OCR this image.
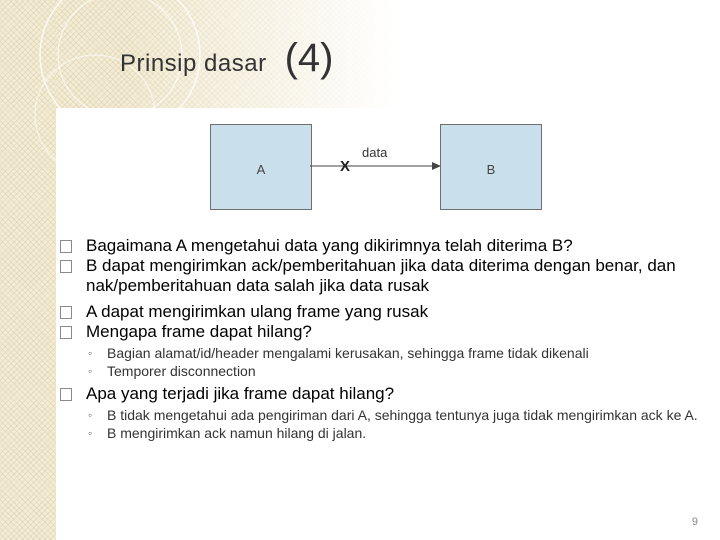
Prinsip dasar (4)
A
data
X	B
Bagaimana A mengetahui data yang dikirimnya telah diterima B?
B dapat mengirimkan ack/pemberitahuan jika data diterima dengan benar, dan nak/pemberitahuan data salah jika data rusak
A dapat mengirimkan ulang frame yang rusak
Mengapa frame dapat hilang?
◦ Bagian alamat/id/header mengalami kerusakan, sehingga frame tidak dikenali
◦ Temporer disconnection
Apa yang terjadi jika frame dapat hilang?
◦ B tidak mengetahui ada pengiriman dari A, sehingga tentunya juga tidak mengirimkan ack ke A.
◦ B mengirimkan ack namun hilang di jalan.
9
